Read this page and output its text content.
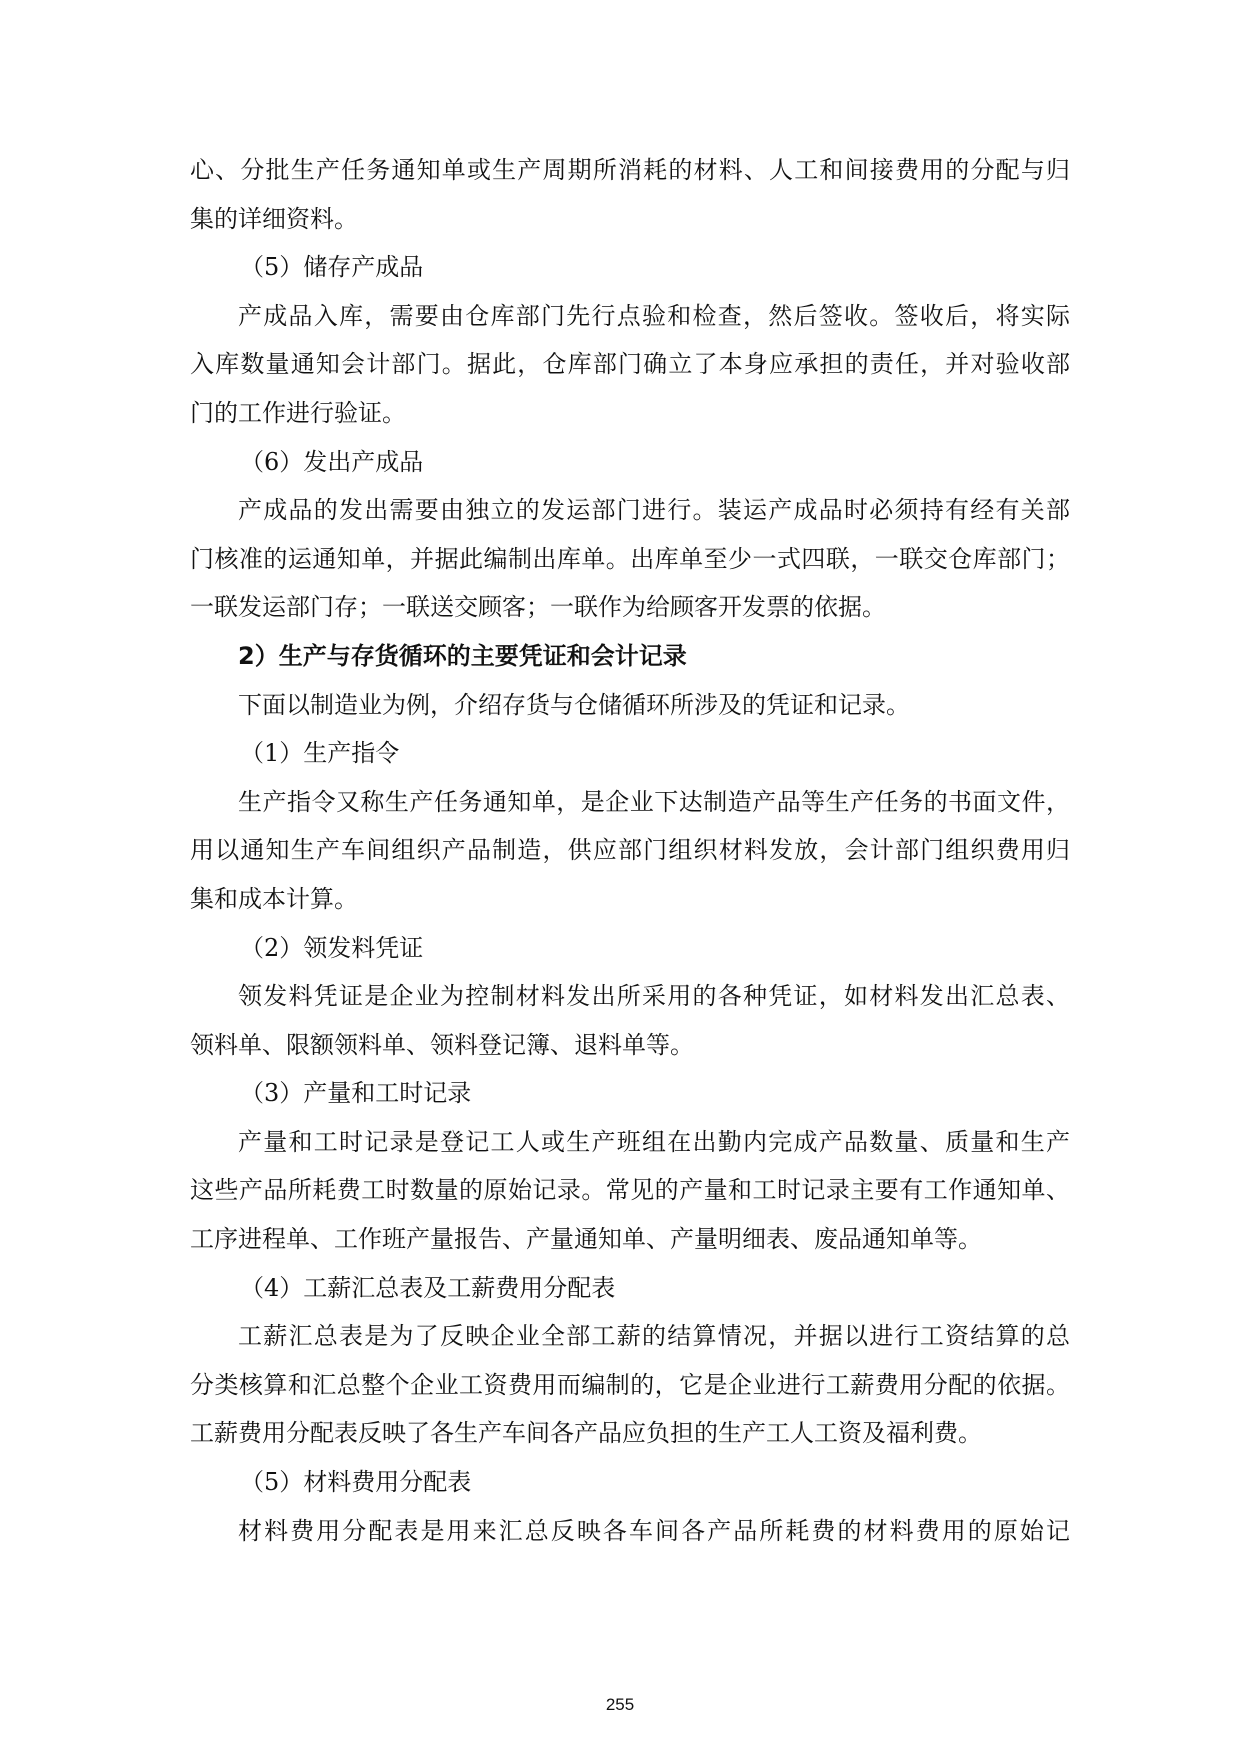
心、分批生产任务通知单或生产周期所消耗的材料、人工和间接费用的分配与归
集的详细资料。
（5）储存产成品
产成品入库，需要由仓库部门先行点验和检查，然后签收。签收后，将实际
入库数量通知会计部门。据此，仓库部门确立了本身应承担的责任，并对验收部
门的工作进行验证。
（6）发出产成品
产成品的发出需要由独立的发运部门进行。装运产成品时必须持有经有关部
门核准的运通知单，并据此编制出库单。出库单至少一式四联，一联交仓库部门；
一联发运部门存；一联送交顾客；一联作为给顾客开发票的依据。
2）生产与存货循环的主要凭证和会计记录
下面以制造业为例，介绍存货与仓储循环所涉及的凭证和记录。
（1）生产指令
生产指令又称生产任务通知单，是企业下达制造产品等生产任务的书面文件，
用以通知生产车间组织产品制造，供应部门组织材料发放，会计部门组织费用归
集和成本计算。
（2）领发料凭证
领发料凭证是企业为控制材料发出所采用的各种凭证，如材料发出汇总表、
领料单、限额领料单、领料登记簿、退料单等。
（3）产量和工时记录
产量和工时记录是登记工人或生产班组在出勤内完成产品数量、质量和生产
这些产品所耗费工时数量的原始记录。常见的产量和工时记录主要有工作通知单、
工序进程单、工作班产量报告、产量通知单、产量明细表、废品通知单等。
（4）工薪汇总表及工薪费用分配表
工薪汇总表是为了反映企业全部工薪的结算情况，并据以进行工资结算的总
分类核算和汇总整个企业工资费用而编制的，它是企业进行工薪费用分配的依据。
工薪费用分配表反映了各生产车间各产品应负担的生产工人工资及福利费。
（5）材料费用分配表
材料费用分配表是用来汇总反映各车间各产品所耗费的材料费用的原始记
255
